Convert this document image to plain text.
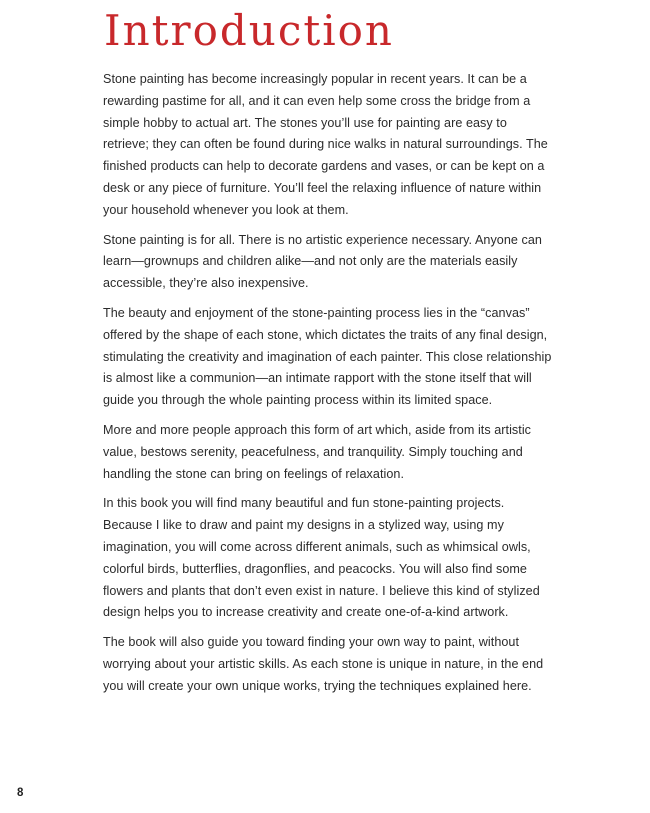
Introduction

Stone painting has become increasingly popular in recent years. It can be a rewarding pastime for all, and it can even help some cross the bridge from a simple hobby to actual art. The stones you’ll use for painting are easy to retrieve; they can often be found during nice walks in natural surroundings. The finished products can help to decorate gardens and vases, or can be kept on a desk or any piece of furniture. You’ll feel the relaxing influence of nature within your household whenever you look at them.

Stone painting is for all. There is no artistic experience necessary. Anyone can learn—grownups and children alike—and not only are the materials easily accessible, they’re also inexpensive.

The beauty and enjoyment of the stone-painting process lies in the “canvas” offered by the shape of each stone, which dictates the traits of any final design, stimulating the creativity and imagination of each painter. This close relationship is almost like a communion—an intimate rapport with the stone itself that will guide you through the whole painting process within its limited space.

More and more people approach this form of art which, aside from its artistic value, bestows serenity, peacefulness, and tranquility. Simply touching and handling the stone can bring on feelings of relaxation.

In this book you will find many beautiful and fun stone-painting projects. Because I like to draw and paint my designs in a stylized way, using my imagination, you will come across different animals, such as whimsical owls, colorful birds, butterflies, dragonflies, and peacocks. You will also find some flowers and plants that don’t even exist in nature. I believe this kind of stylized design helps you to increase creativity and create one-of-a-kind artwork.

The book will also guide you toward finding your own way to paint, without worrying about your artistic skills. As each stone is unique in nature, in the end you will create your own unique works, trying the techniques explained here.

8
